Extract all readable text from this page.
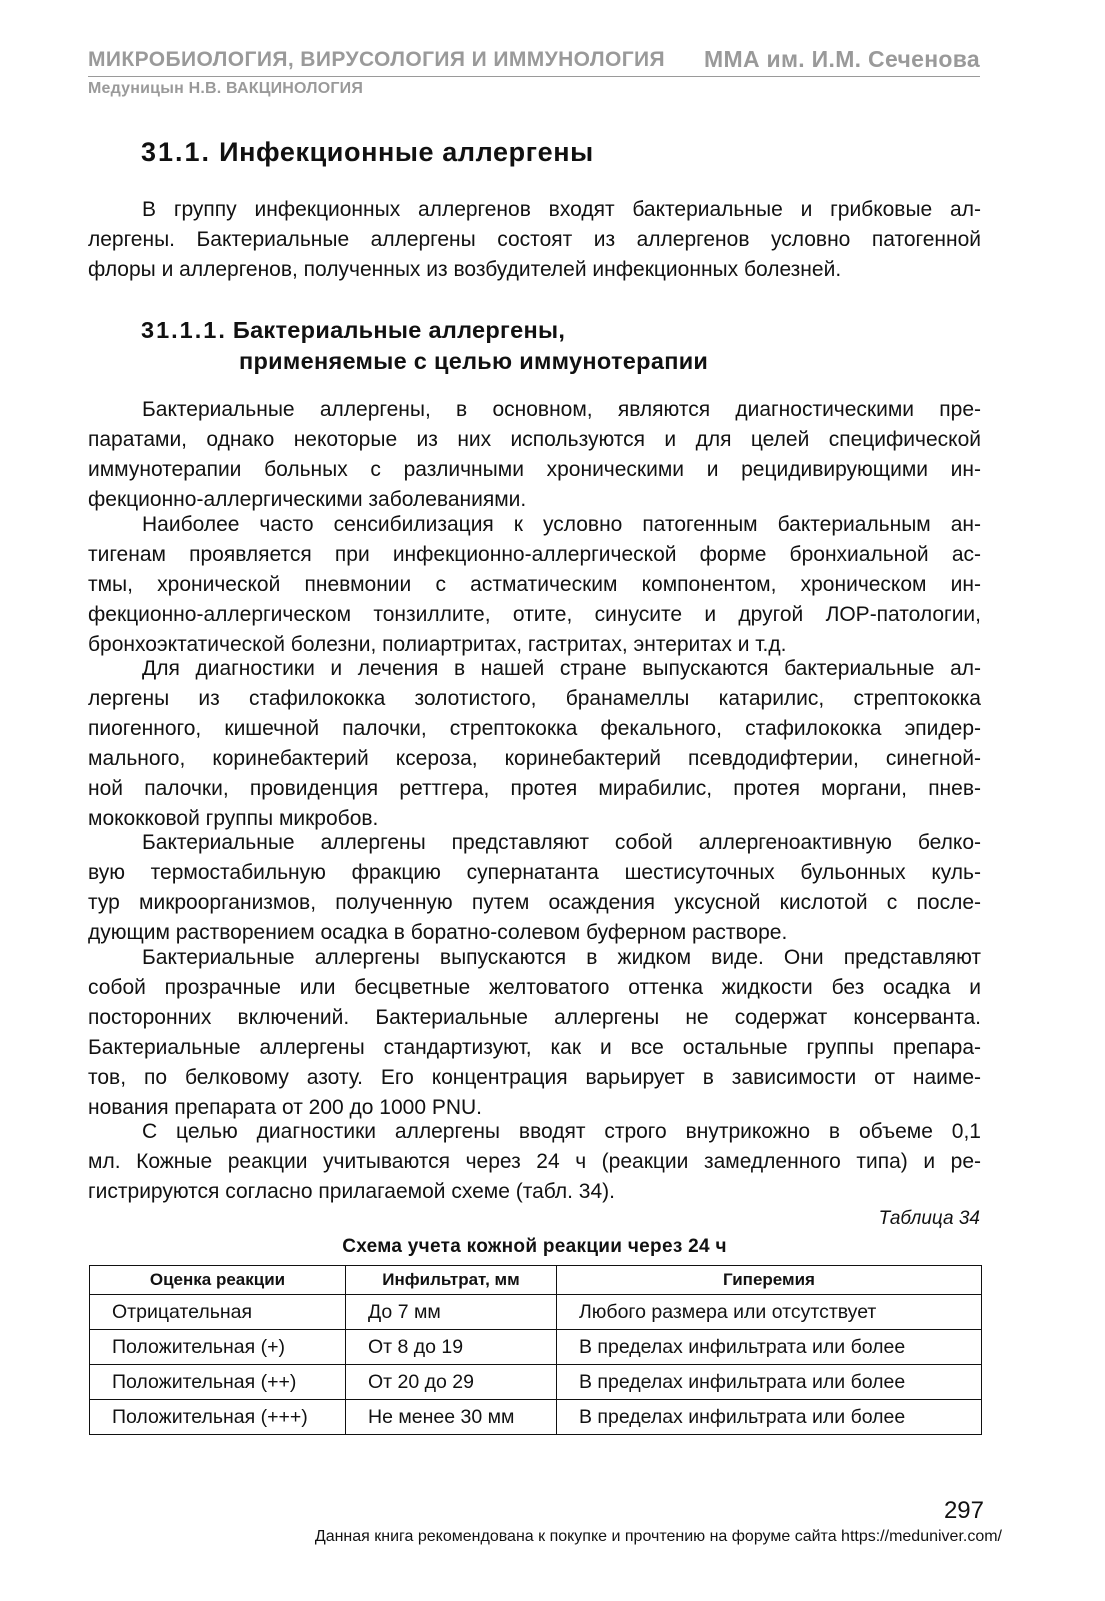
МИКРОБИОЛОГИЯ, ВИРУСОЛОГИЯ И ИММУНОЛОГИЯ ММА им. И.М. Сеченова
Медуницын Н.В. ВАКЦИНОЛОГИЯ
31.1. Инфекционные аллергены
В группу инфекционных аллергенов входят бактериальные и грибковые ал-
лергены. Бактериальные аллергены состоят из аллергенов условно патогенной
флоры и аллергенов, полученных из возбудителей инфекционных болезней.
31.1.1. Бактериальные аллергены,
применяемые с целью иммунотерапии
Бактериальные аллергены, в основном, являются диагностическими пре-
паратами, однако некоторые из них используются и для целей специфической
иммунотерапии больных с различными хроническими и рецидивирующими ин-
фекционно-аллергическими заболеваниями.
Наиболее часто сенсибилизация к условно патогенным бактериальным ан-
тигенам проявляется при инфекционно-аллергической форме бронхиальной ас-
тмы, хронической пневмонии с астматическим компонентом, хроническом ин-
фекционно-аллергическом тонзиллите, отите, синусите и другой ЛОР-патологии,
бронхоэктатической болезни, полиартритах, гастритах, энтеритах и т.д.
Для диагностики и лечения в нашей стране выпускаются бактериальные ал-
лергены из стафилококка золотистого, бранамеллы катарилис, стрептококка
пиогенного, кишечной палочки, стрептококка фекального, стафилококка эпидер-
мального, коринебактерий ксероза, коринебактерий псевдодифтерии, синегной-
ной палочки, провиденция реттгера, протея мирабилис, протея моргани, пнев-
мококковой группы микробов.
Бактериальные аллергены представляют собой аллергеноактивную белко-
вую термостабильную фракцию супернатанта шестисуточных бульонных куль-
тур микроорганизмов, полученную путем осаждения уксусной кислотой с после-
дующим растворением осадка в боратно-солевом буферном растворе.
Бактериальные аллергены выпускаются в жидком виде. Они представляют
собой прозрачные или бесцветные желтоватого оттенка жидкости без осадка и
посторонних включений. Бактериальные аллергены не содержат консерванта.
Бактериальные аллергены стандартизуют, как и все остальные группы препара-
тов, по белковому азоту. Его концентрация варьирует в зависимости от наиме-
нования препарата от 200 до 1000 PNU.
С целью диагностики аллергены вводят строго внутрикожно в объеме 0,1
мл. Кожные реакции учитываются через 24 ч (реакции замедленного типа) и ре-
гистрируются согласно прилагаемой схеме (табл. 34).
Таблица 34
Схема учета кожной реакции через 24 ч
Оценка реакции	Инфильтрат, мм	Гиперемия
Отрицательная	До 7 мм	Любого размера или отсутствует
Положительная (+)	От 8 до 19	В пределах инфильтрата или более
Положительная (++)	От 20 до 29	В пределах инфильтрата или более
Положительная (+++)	Не менее 30 мм	В пределах инфильтрата или более
297
Данная книга рекомендована к покупке и прочтению на форуме сайта https://meduniver.com/
